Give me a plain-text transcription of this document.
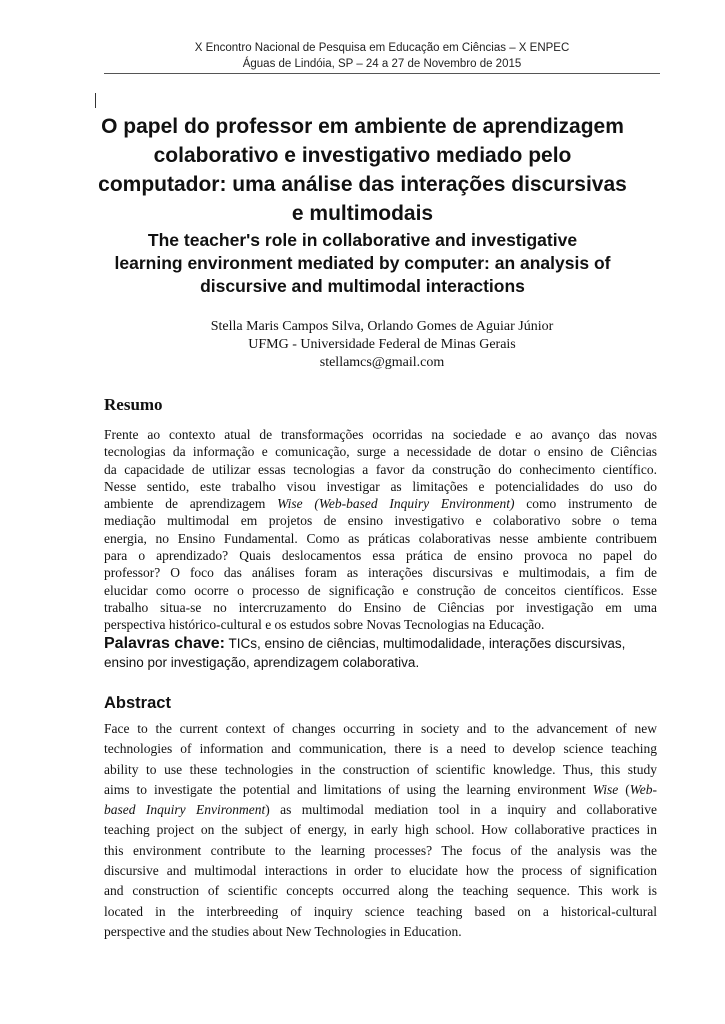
X Encontro Nacional de Pesquisa em Educação em Ciências – X ENPEC
Águas de Lindóia, SP – 24 a 27 de Novembro de 2015
O papel do professor em ambiente de aprendizagem
colaborativo e investigativo mediado pelo
computador: uma análise das interações discursivas
e multimodais
The teacher's role in collaborative and investigative
learning environment mediated by computer: an analysis of
discursive and multimodal interactions
Stella Maris Campos Silva, Orlando Gomes de Aguiar Júnior
UFMG - Universidade Federal de Minas Gerais
stellamcs@gmail.com
Resumo
Frente ao contexto atual de transformações ocorridas na sociedade e ao avanço das novas
tecnologias da informação e comunicação, surge a necessidade de dotar o ensino de Ciências
da capacidade de utilizar essas tecnologias a favor da construção do conhecimento científico.
Nesse sentido, este trabalho visou investigar as limitações e potencialidades do uso do
ambiente de aprendizagem Wise (Web-based Inquiry Environment) como instrumento de
mediação multimodal em projetos de ensino investigativo e colaborativo sobre o tema
energia, no Ensino Fundamental. Como as práticas colaborativas nesse ambiente contribuem
para o aprendizado? Quais deslocamentos essa prática de ensino provoca no papel do
professor? O foco das análises foram as interações discursivas e multimodais, a fim de
elucidar como ocorre o processo de significação e construção de conceitos científicos. Esse
trabalho situa-se no intercruzamento do Ensino de Ciências por investigação em uma
perspectiva histórico-cultural e os estudos sobre Novas Tecnologias na Educação.

Palavras chave: TICs, ensino de ciências, multimodalidade, interações discursivas, ensino por investigação, aprendizagem colaborativa.

Abstract
Face to the current context of changes occurring in society and to the advancement of new
technologies of information and communication, there is a need to develop science teaching
ability to use these technologies in the construction of scientific knowledge. Thus, this study
aims to investigate the potential and limitations of using the learning environment Wise (Web-
based Inquiry Environment) as multimodal mediation tool in a inquiry and collaborative
teaching project on the subject of energy, in early high school. How collaborative practices in
this environment contribute to the learning processes? The focus of the analysis was the
discursive and multimodal interactions in order to elucidate how the process of signification
and construction of scientific concepts occurred along the teaching sequence. This work is
located in the interbreeding of inquiry science teaching based on a historical-cultural
perspective and the studies about New Technologies in Education.
